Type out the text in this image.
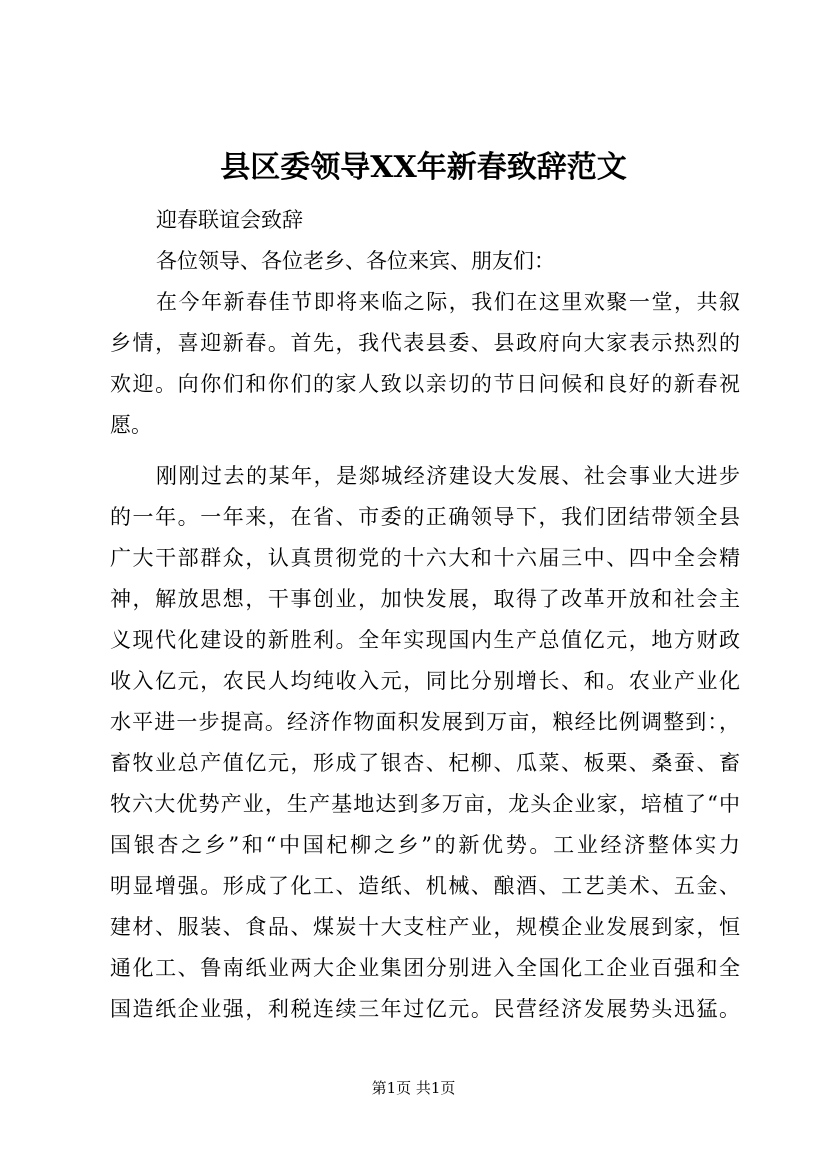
县区委领导XX年新春致辞范文
迎春联谊会致辞
各位领导、各位老乡、各位来宾、朋友们：
在今年新春佳节即将来临之际，我们在这里欢聚一堂，共叙
乡情，喜迎新春。首先，我代表县委、县政府向大家表示热烈的
欢迎。向你们和你们的家人致以亲切的节日问候和良好的新春祝
愿。
刚刚过去的某年，是郯城经济建设大发展、社会事业大进步
的一年。一年来，在省、市委的正确领导下，我们团结带领全县
广大干部群众，认真贯彻党的十六大和十六届三中、四中全会精
神，解放思想，干事创业，加快发展，取得了改革开放和社会主
义现代化建设的新胜利。全年实现国内生产总值亿元，地方财政
收入亿元，农民人均纯收入元，同比分别增长、和。农业产业化
水平进一步提高。经济作物面积发展到万亩，粮经比例调整到：，
畜牧业总产值亿元，形成了银杏、杞柳、瓜菜、板栗、桑蚕、畜
牧六大优势产业，生产基地达到多万亩，龙头企业家，培植了“中
国银杏之乡”和“中国杞柳之乡”的新优势。工业经济整体实力
明显增强。形成了化工、造纸、机械、酿酒、工艺美术、五金、
建材、服装、食品、煤炭十大支柱产业，规模企业发展到家，恒
通化工、鲁南纸业两大企业集团分别进入全国化工企业百强和全
国造纸企业强，利税连续三年过亿元。民营经济发展势头迅猛。
第1页 共1页
